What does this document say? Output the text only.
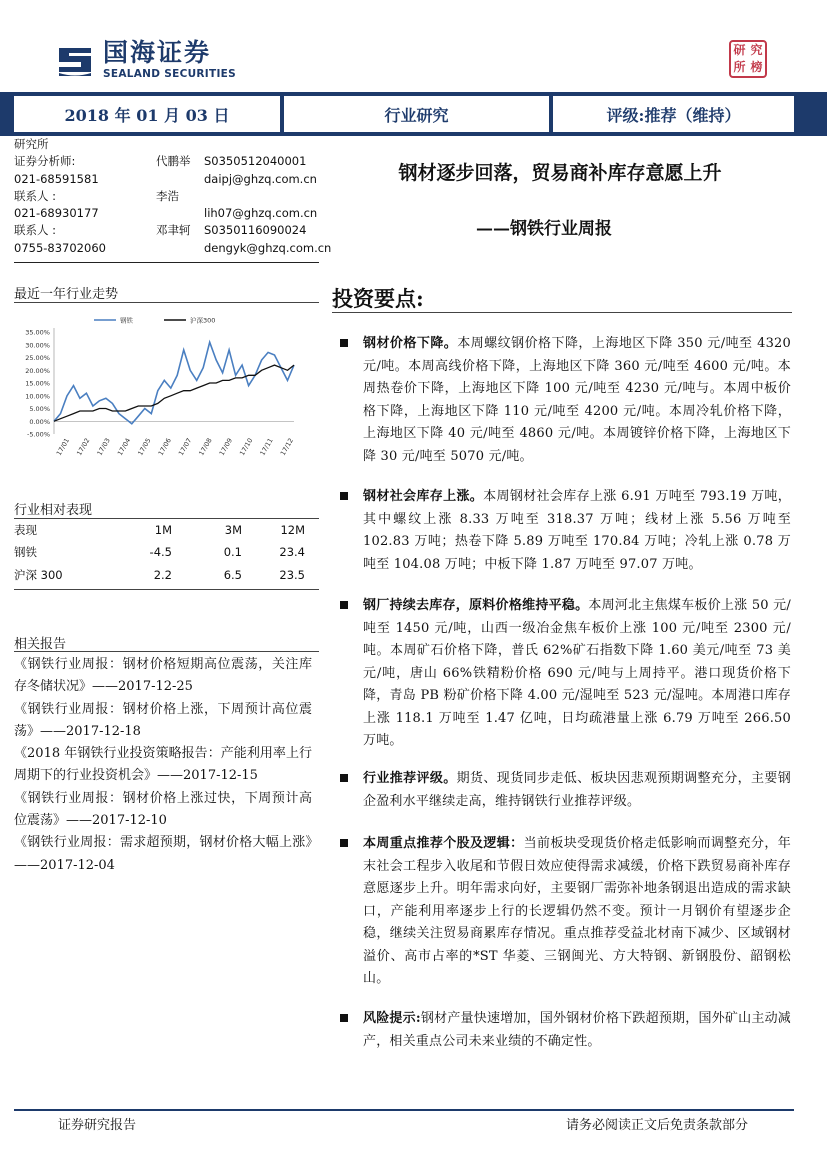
国海证券
SEALAND SECURITIES
研 究
所 榜
2018 年 01 月 03 日	行业研究	评级:推荐（维持）
研究所
证券分析师:	代鹏举 S0350512040001
021-68591581	daipj@ghzq.com.cn
联系人 :	李浩
021-68930177	lih07@ghzq.com.cn
联系人 :	邓聿轲 S0350116090024
0755-83702060	dengyk@ghzq.com.cn
钢材逐步回落，贸易商补库存意愿上升
——钢铁行业周报
最近一年行业走势
35.00%
30.00%
25.00%
20.00%
15.00%
10.00%
5.00%
0.00%
-5.00%
17/01 17/02 17/03 17/04 17/05 17/06 17/07 17/08 17/09 17/10 17/11 17/12
钢铁	沪深300
行业相对表现
表现	1M	3M	12M
钢铁	-4.5	0.1	23.4
沪深 300	2.2	6.5	23.5
相关报告

《钢铁行业周报：钢材价格短期高位震荡，关注库存冬储状况》——2017-12-25

《钢铁行业周报：钢材价格上涨，下周预计高位震荡》——2017-12-18

《2018 年钢铁行业投资策略报告：产能利用率上行周期下的行业投资机会》——2017-12-15

《钢铁行业周报：钢材价格上涨过快，下周预计高位震荡》——2017-12-10

《钢铁行业周报：需求超预期，钢材价格大幅上涨》——2017-12-04

投资要点:
钢材价格下降。本周螺纹钢价格下降，上海地区下降 350 元/吨至 4320 元/吨。本周高线价格下降，上海地区下降 360 元/吨至 4600 元/吨。本周热卷价下降，上海地区下降 100 元/吨至 4230 元/吨与。本周中板价格下降，上海地区下降 110 元/吨至 4200 元/吨。本周冷轧价格下降，上海地区下降 40 元/吨至 4860 元/吨。本周镀锌价格下降，上海地区下降 30 元/吨至 5070 元/吨。
钢材社会库存上涨。本周钢材社会库存上涨 6.91 万吨至 793.19 万吨，其中螺纹上涨 8.33 万吨至 318.37 万吨；线材上涨 5.56 万吨至 102.83 万吨；热卷下降 5.89 万吨至 170.84 万吨；冷轧上涨 0.78 万吨至 104.08 万吨；中板下降 1.87 万吨至 97.07 万吨。
钢厂持续去库存，原料价格维持平稳。本周河北主焦煤车板价上涨 50 元/吨至 1450 元/吨，山西一级冶金焦车板价上涨 100 元/吨至 2300 元/吨。本周矿石价格下降，普氏 62%矿石指数下降 1.60 美元/吨至 73 美元/吨，唐山 66%铁精粉价格 690 元/吨与上周持平。港口现货价格下降，青岛 PB 粉矿价格下降 4.00 元/湿吨至 523 元/湿吨。本周港口库存上涨 118.1 万吨至 1.47 亿吨，日均疏港量上涨 6.79 万吨至 266.50 万吨。
行业推荐评级。期货、现货同步走低、板块因悲观预期调整充分，主要钢企盈利水平继续走高，维持钢铁行业推荐评级。
本周重点推荐个股及逻辑：当前板块受现货价格走低影响而调整充分，年末社会工程步入收尾和节假日效应使得需求减缓，价格下跌贸易商补库存意愿逐步上升。明年需求向好，主要钢厂需弥补地条钢退出造成的需求缺口，产能利用率逐步上行的长逻辑仍然不变。预计一月钢价有望逐步企稳，继续关注贸易商累库存情况。重点推荐受益北材南下减少、区域钢材溢价、高市占率的*ST 华菱、三钢闽光、方大特钢、新钢股份、韶钢松山。
风险提示:钢材产量快速增加，国外钢材价格下跌超预期，国外矿山主动减产，相关重点公司未来业绩的不确定性。
证券研究报告	请务必阅读正文后免责条款部分
